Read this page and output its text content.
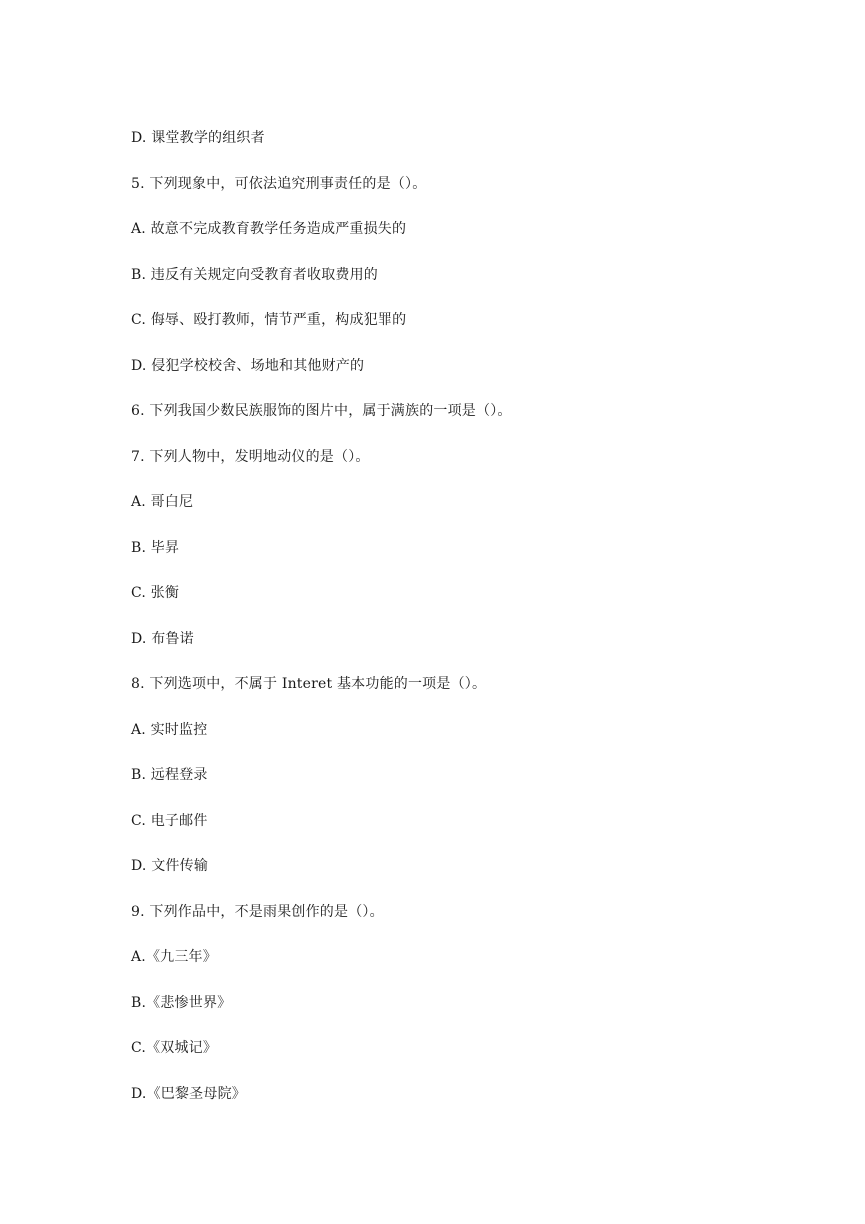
D. 课堂教学的组织者
5. 下列现象中，可依法追究刑事责任的是（）。
A. 故意不完成教育教学任务造成严重损失的
B. 违反有关规定向受教育者收取费用的
C. 侮辱、殴打教师，情节严重，构成犯罪的
D. 侵犯学校校舍、场地和其他财产的
6. 下列我国少数民族服饰的图片中，属于满族的一项是（）。
7. 下列人物中，发明地动仪的是（）。
A. 哥白尼
B. 毕昇
C. 张衡
D. 布鲁诺
8. 下列选项中，不属于 Interet 基本功能的一项是（）。
A. 实时监控
B. 远程登录
C. 电子邮件
D. 文件传输
9. 下列作品中，不是雨果创作的是（）。
A.《九三年》
B.《悲惨世界》
C.《双城记》
D.《巴黎圣母院》
